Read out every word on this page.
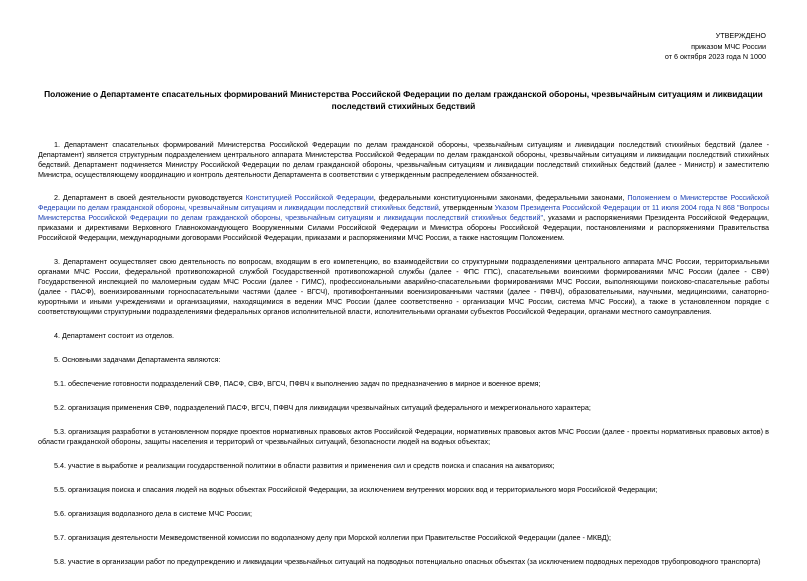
УТВЕРЖДЕНО
приказом МЧС России
от 6 октября 2023 года N 1000
Положение о Департаменте спасательных формирований Министерства Российской Федерации по делам гражданской обороны, чрезвычайным ситуациям и ликвидации последствий стихийных бедствий

1. Департамент спасательных формирований Министерства Российской Федерации по делам гражданской обороны, чрезвычайным ситуациям и ликвидации последствий стихийных бедствий (далее - Департамент) является структурным подразделением центрального аппарата Министерства Российской Федерации по делам гражданской обороны, чрезвычайным ситуациям и ликвидации последствий стихийных бедствий. Департамент подчиняется Министру Российской Федерации по делам гражданской обороны, чрезвычайным ситуациям и ликвидации последствий стихийных бедствий (далее - Министр) и заместителю Министра, осуществляющему координацию и контроль деятельности Департамента в соответствии с утвержденным распределением обязанностей.

2. Департамент в своей деятельности руководствуется Конституцией Российской Федерации, федеральными конституционными законами, федеральными законами, Положением о Министерстве Российской Федерации по делам гражданской обороны, чрезвычайным ситуациям и ликвидации последствий стихийных бедствий, утвержденным Указом Президента Российской Федерации от 11 июля 2004 года N 868 "Вопросы Министерства Российской Федерации по делам гражданской обороны, чрезвычайным ситуациям и ликвидации последствий стихийных бедствий", указами и распоряжениями Президента Российской Федерации, приказами и директивами Верховного Главнокомандующего Вооруженными Силами Российской Федерации и Министра обороны Российской Федерации, постановлениями и распоряжениями Правительства Российской Федерации, международными договорами Российской Федерации, приказами и распоряжениями МЧС России, а также настоящим Положением.

3. Департамент осуществляет свою деятельность по вопросам, входящим в его компетенцию, во взаимодействии со структурными подразделениями центрального аппарата МЧС России, территориальными органами МЧС России, федеральной противопожарной службой Государственной противопожарной службы (далее - ФПС ГПС), спасательными воинскими формированиями МЧС России (далее - СВФ) Государственной инспекцией по маломерным судам МЧС России (далее - ГИМС), профессиональными аварийно-спасательными формированиями МЧС России, выполняющими поисково-спасательные работы (далее - ПАСФ), военизированными горноспасательными частями (далее - ВГСЧ), противофонтанными военизированными частями (далее - ПФВЧ), образовательными, научными, медицинскими, санаторно-курортными и иными учреждениями и организациями, находящимися в ведении МЧС России (далее соответственно - организации МЧС России, система МЧС России), а также в установленном порядке с соответствующими структурными подразделениями федеральных органов исполнительной власти, исполнительными органами субъектов Российской Федерации, органами местного самоуправления.

4. Департамент состоит из отделов.

5. Основными задачами Департамента являются:

5.1. обеспечение готовности подразделений СВФ, ПАСФ, СВФ, ВГСЧ, ПФВЧ к выполнению задач по предназначению в мирное и военное время;

5.2. организация применения СВФ, подразделений ПАСФ, ВГСЧ, ПФВЧ для ликвидации чрезвычайных ситуаций федерального и межрегионального характера;

5.3. организация разработки в установленном порядке проектов нормативных правовых актов Российской Федерации, нормативных правовых актов МЧС России (далее - проекты нормативных правовых актов) в области гражданской обороны, защиты населения и территорий от чрезвычайных ситуаций, безопасности людей на водных объектах;

5.4. участие в выработке и реализации государственной политики в области развития и применения сил и средств поиска и спасания на акваториях;

5.5. организация поиска и спасания людей на водных объектах Российской Федерации, за исключением внутренних морских вод и территориального моря Российской Федерации;

5.6. организация водолазного дела в системе МЧС России;

5.7. организация деятельности Межведомственной комиссии по водолазному делу при Морской коллегии при Правительстве Российской Федерации (далее - МКВД);

5.8. участие в организации работ по предупреждению и ликвидации чрезвычайных ситуаций на подводных потенциально опасных объектах (за исключением подводных переходов трубопроводного транспорта)
